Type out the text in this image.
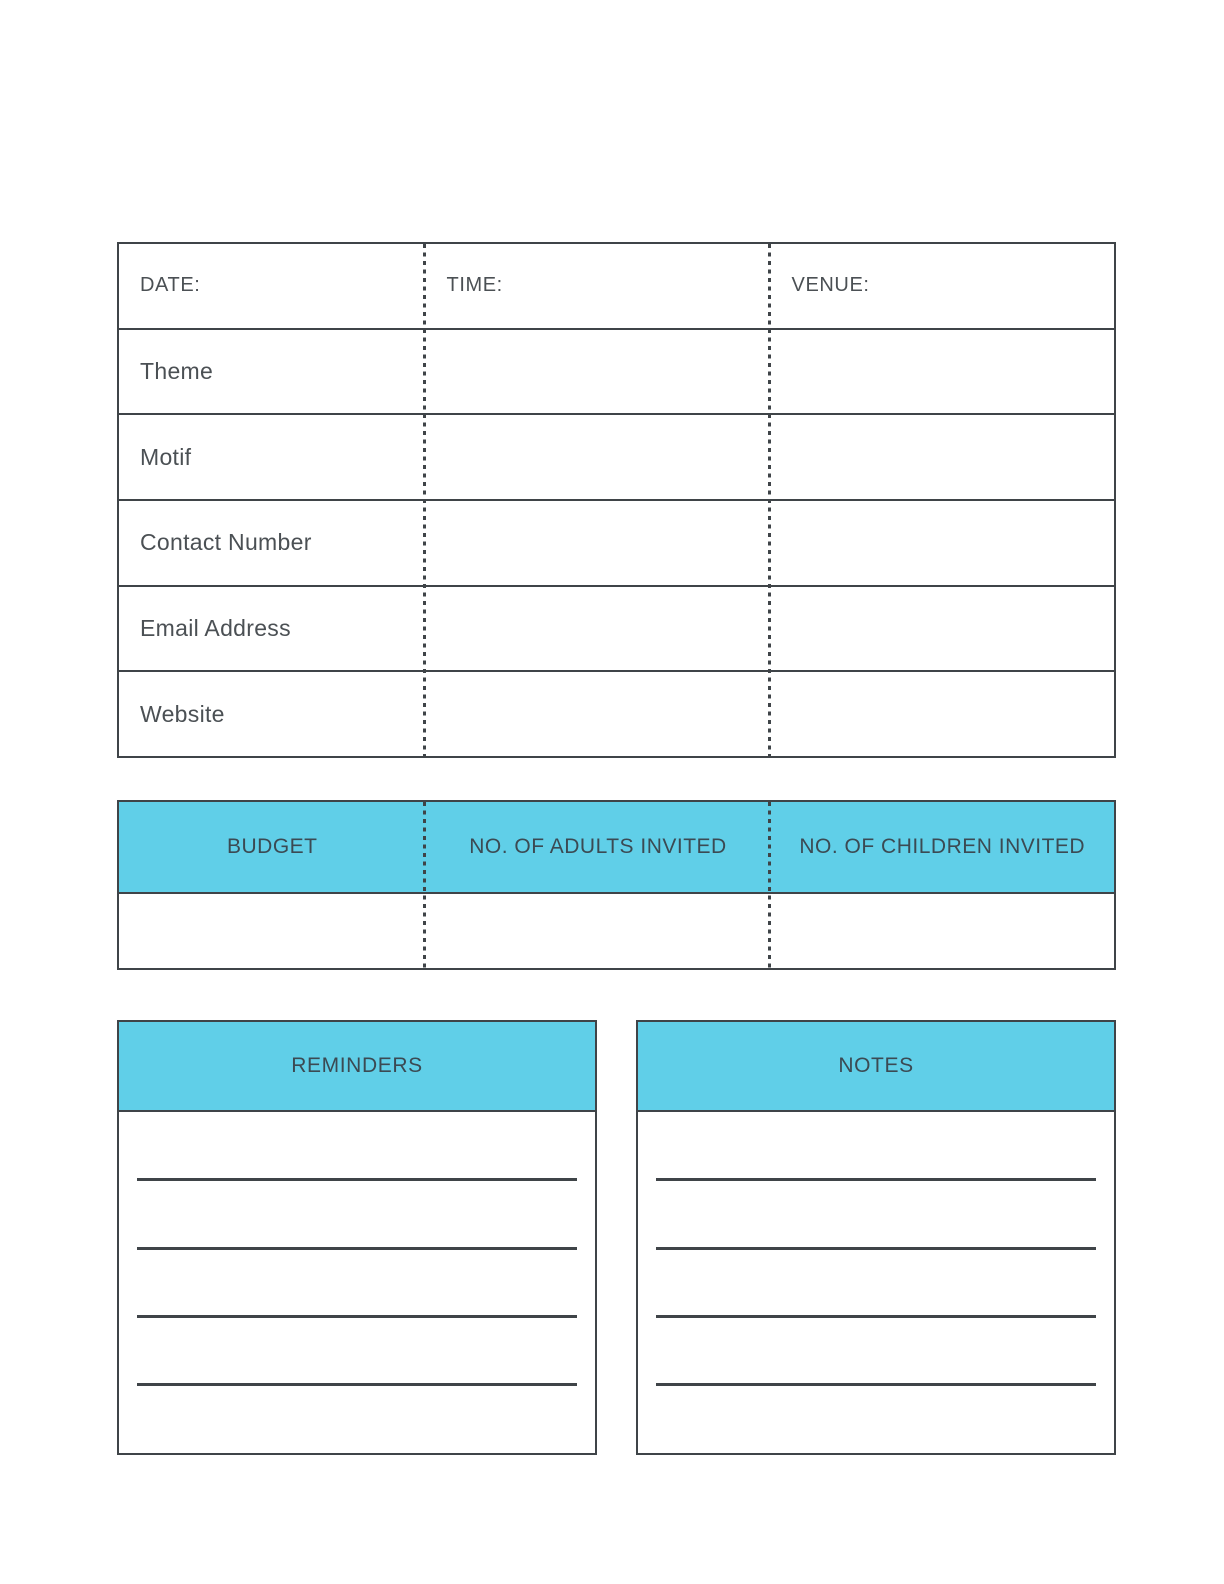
DATE:	TIME:	VENUE:
Theme
Motif
Contact Number
Email Address
Website
BUDGET	NO. OF ADULTS INVITED	NO. OF CHILDREN INVITED
REMINDERS	NOTES
